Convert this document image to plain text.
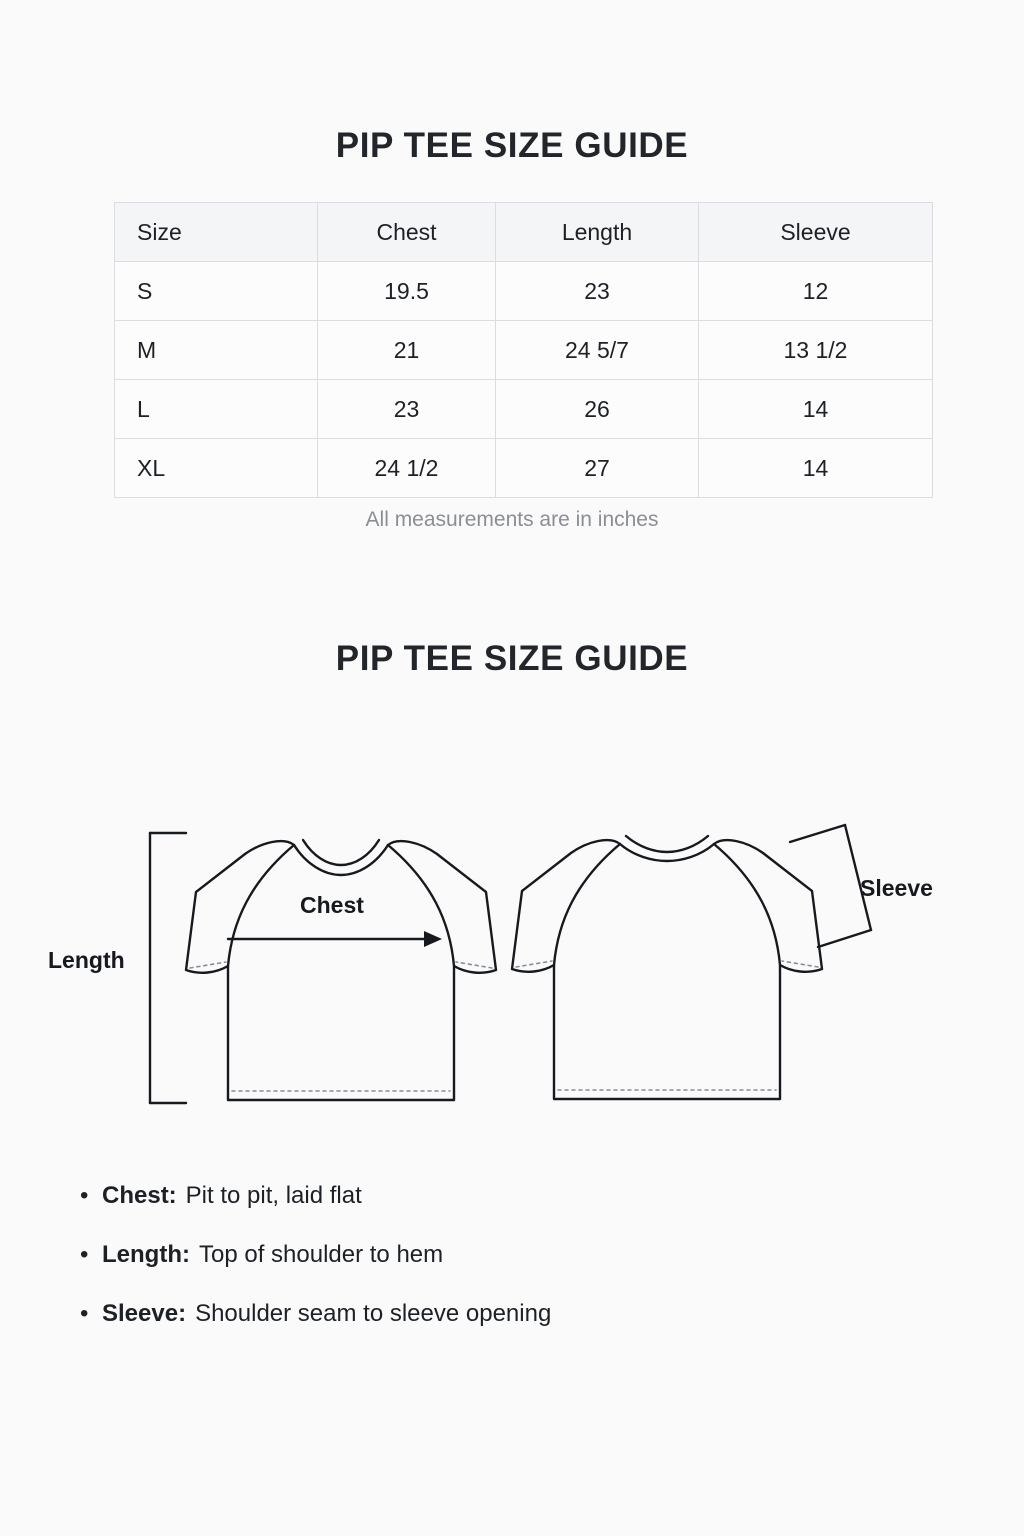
PIP TEE SIZE GUIDE
Size	Chest	Length	Sleeve
S	19.5	23	12
M	21	24 5/7	13 1/2
L	23	26	14
XL	24 1/2	27	14
All measurements are in inches
PIP TEE SIZE GUIDE
Length
Chest
Sleeve
• Chest: Pit to pit, laid flat
• Length: Top of shoulder to hem
• Sleeve: Shoulder seam to sleeve opening
